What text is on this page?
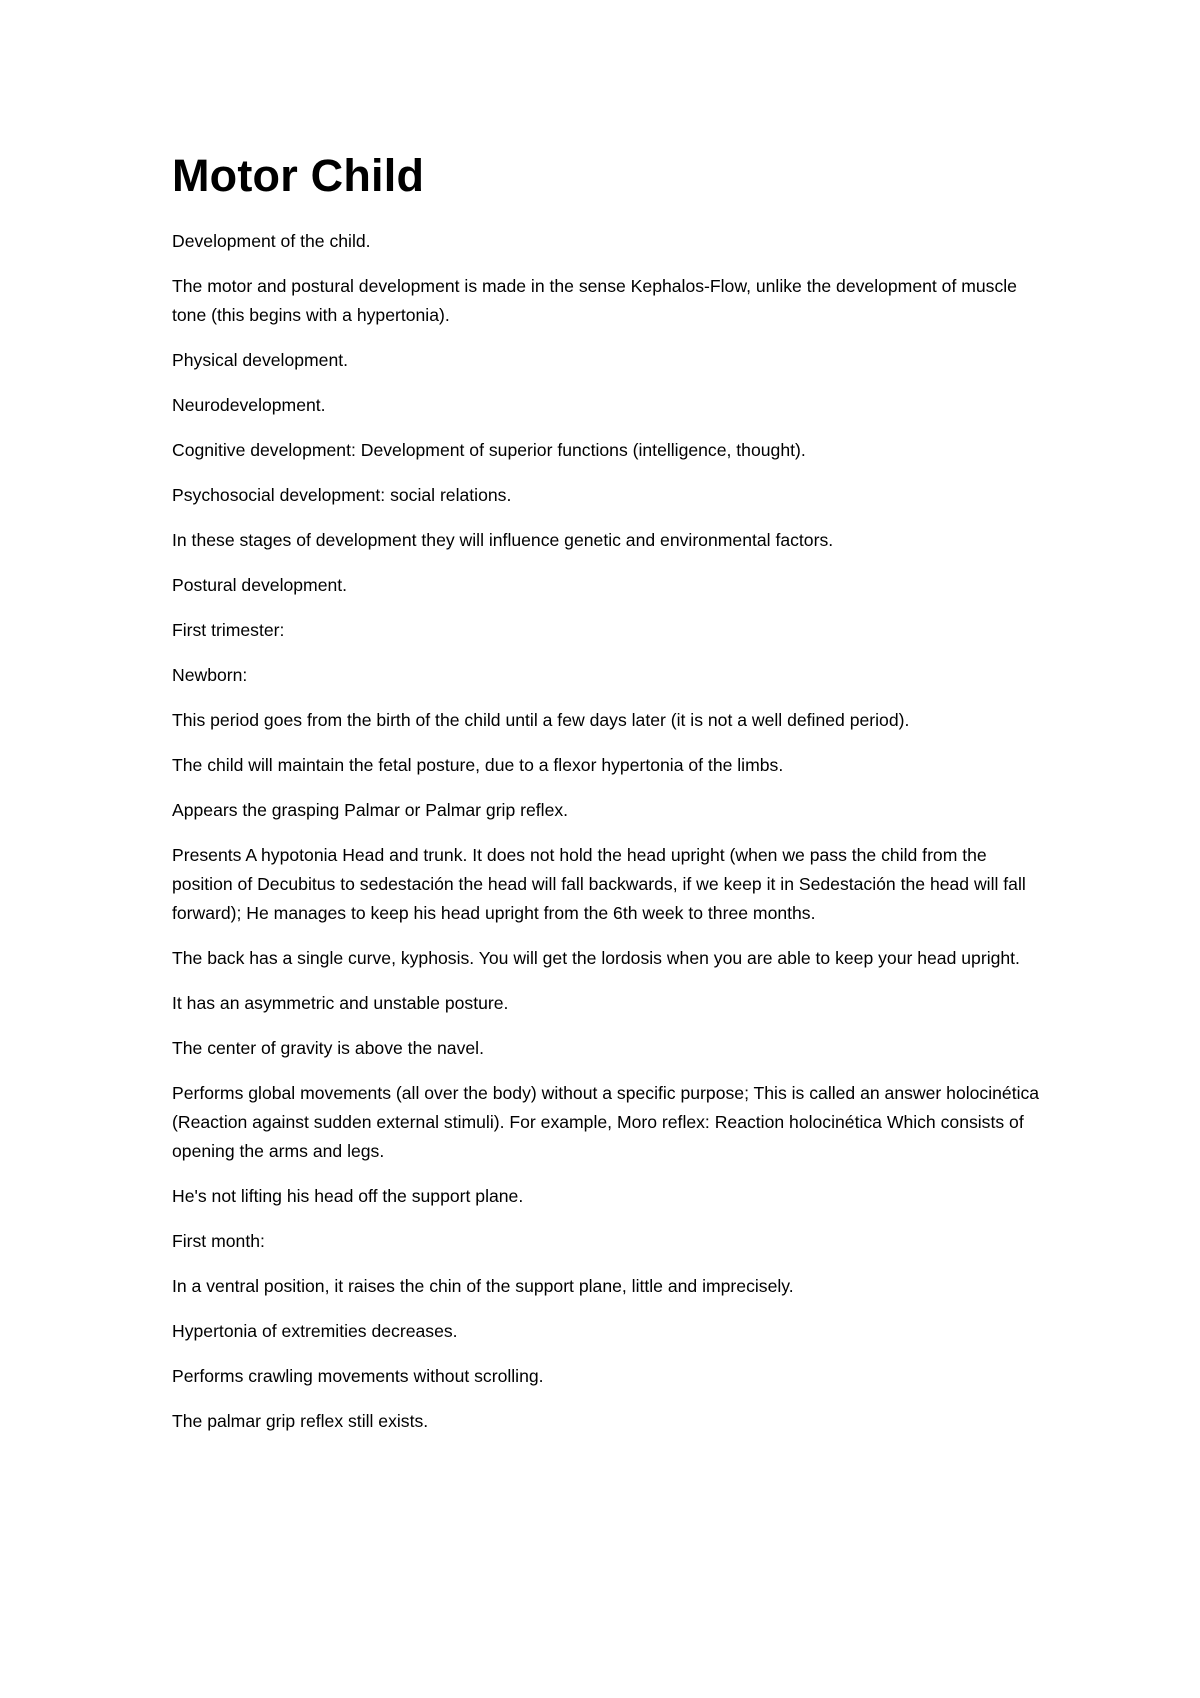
Motor Child

Development of the child.

The motor and postural development is made in the sense Kephalos-Flow, unlike the development of muscle tone (this begins with a hypertonia).

Physical development.

Neurodevelopment.

Cognitive development: Development of superior functions (intelligence, thought).

Psychosocial development: social relations.

In these stages of development they will influence genetic and environmental factors.

Postural development.

First trimester:

Newborn:

This period goes from the birth of the child until a few days later (it is not a well defined period).

The child will maintain the fetal posture, due to a flexor hypertonia of the limbs.

Appears the grasping Palmar or Palmar grip reflex.

Presents A hypotonia Head and trunk. It does not hold the head upright (when we pass the child from the position of Decubitus to sedestación the head will fall backwards, if we keep it in Sedestación the head will fall forward); He manages to keep his head upright from the 6th week to three months.

The back has a single curve, kyphosis. You will get the lordosis when you are able to keep your head upright.

It has an asymmetric and unstable posture.

The center of gravity is above the navel.

Performs global movements (all over the body) without a specific purpose; This is called an answer holocinética (Reaction against sudden external stimuli). For example, Moro reflex: Reaction holocinética Which consists of opening the arms and legs.

He's not lifting his head off the support plane.

First month:

In a ventral position, it raises the chin of the support plane, little and imprecisely.

Hypertonia of extremities decreases.

Performs crawling movements without scrolling.

The palmar grip reflex still exists.
